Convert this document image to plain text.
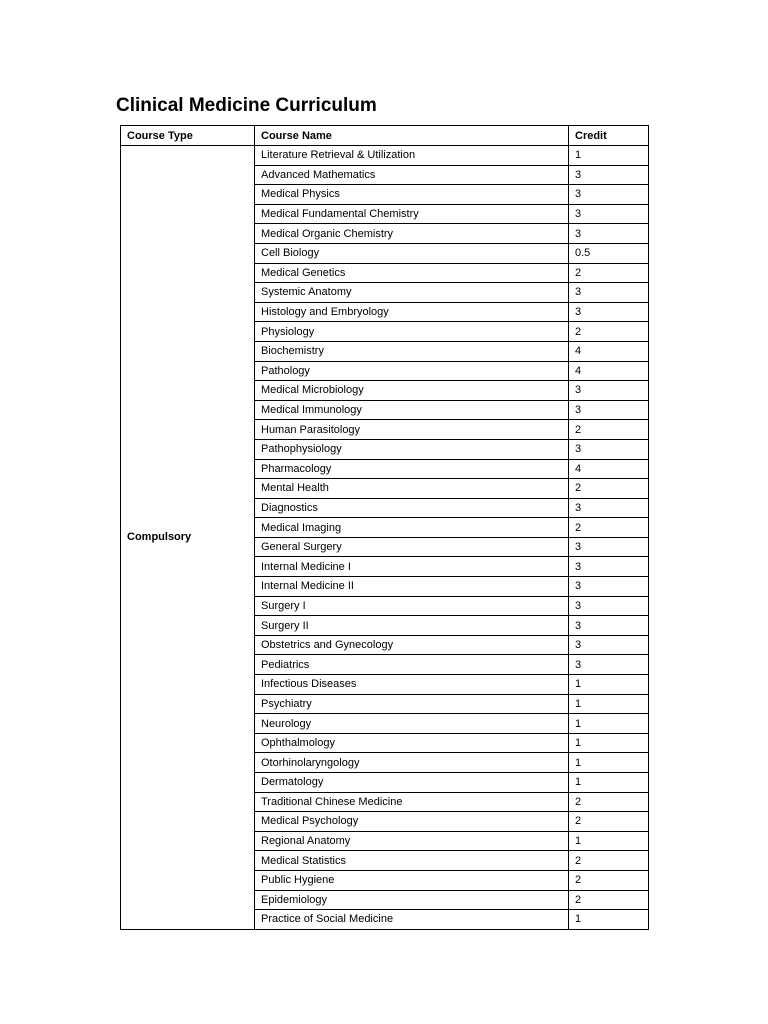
Clinical Medicine Curriculum
Course Type	Course Name	Credit
Compulsory	Literature Retrieval & Utilization	1
	Advanced Mathematics	3
	Medical Physics	3
	Medical Fundamental Chemistry	3
	Medical Organic Chemistry	3
	Cell Biology	0.5
	Medical Genetics	2
	Systemic Anatomy	3
	Histology and Embryology	3
	Physiology	2
	Biochemistry	4
	Pathology	4
	Medical Microbiology	3
	Medical Immunology	3
	Human Parasitology	2
	Pathophysiology	3
	Pharmacology	4
	Mental Health	2
	Diagnostics	3
	Medical Imaging	2
	General Surgery	3
	Internal Medicine I	3
	Internal Medicine II	3
	Surgery I	3
	Surgery II	3
	Obstetrics and Gynecology	3
	Pediatrics	3
	Infectious Diseases	1
	Psychiatry	1
	Neurology	1
	Ophthalmology	1
	Otorhinolaryngology	1
	Dermatology	1
	Traditional Chinese Medicine	2
	Medical Psychology	2
	Regional Anatomy	1
	Medical Statistics	2
	Public Hygiene	2
	Epidemiology	2
	Practice of Social Medicine	1
